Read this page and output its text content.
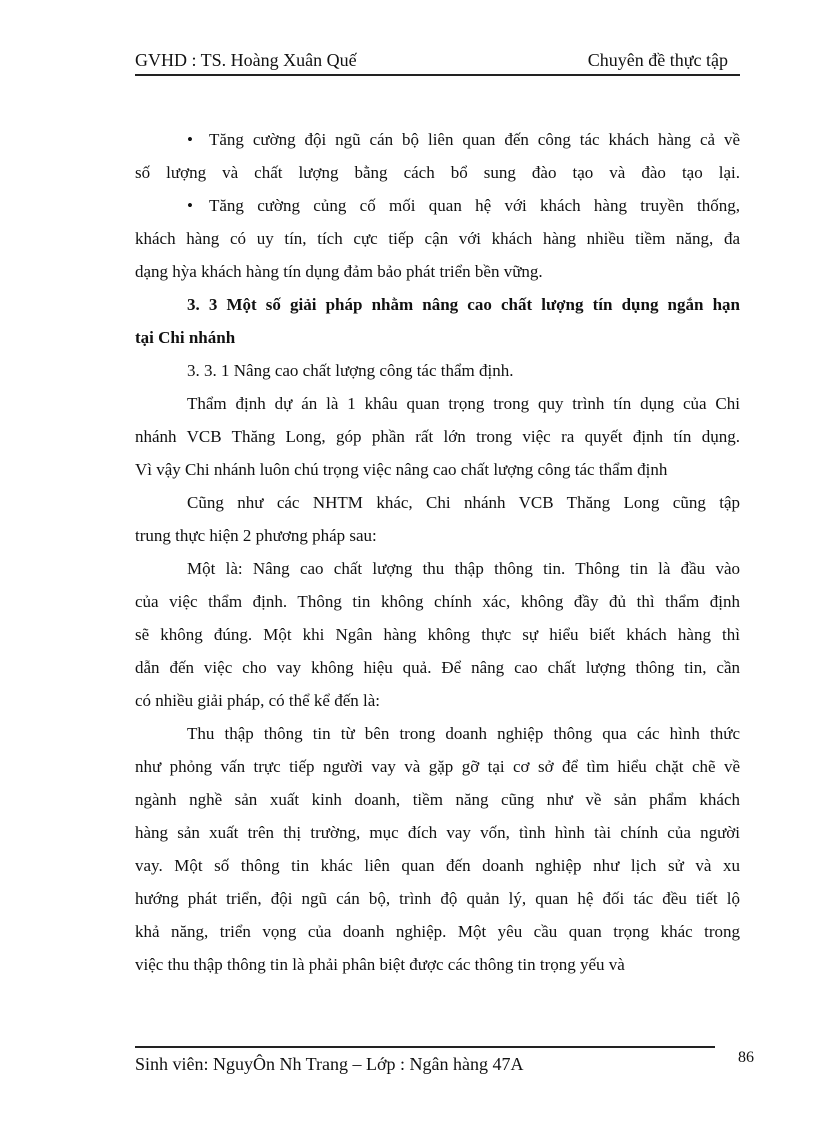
GVHD : TS. Hoàng Xuân Quế	Chuyên đề thực tập
• Tăng cường đội ngũ cán bộ liên quan đến công tác khách hàng cả về
số lượng và chất lượng bằng cách bổ sung đào tạo và đào tạo lại.
• Tăng cường củng cố mối quan hệ với khách hàng truyền thống,
khách hàng có uy tín, tích cực tiếp cận với khách hàng nhiều tiềm năng, đa
dạng hỳa khách hàng tín dụng đảm bảo phát triển bền vững.
3. 3 Một số giải pháp nhằm nâng cao chất lượng tín dụng ngắn hạn
tại Chi nhánh
3. 3. 1 Nâng cao chất lượng công tác thẩm định.
Thẩm định dự án là 1 khâu quan trọng trong quy trình tín dụng của Chi
nhánh VCB Thăng Long, góp phần rất lớn trong việc ra quyết định tín dụng.
Vì vậy Chi nhánh luôn chú trọng việc nâng cao chất lượng công tác thẩm định
Cũng như các NHTM khác, Chi nhánh VCB Thăng Long cũng tập
trung thực hiện 2 phương pháp sau:
Một là: Nâng cao chất lượng thu thập thông tin. Thông tin là đầu vào
của việc thẩm định. Thông tin không chính xác, không đầy đủ thì thẩm định
sẽ không đúng. Một khi Ngân hàng không thực sự hiểu biết khách hàng thì
dẫn đến việc cho vay không hiệu quả. Để nâng cao chất lượng thông tin, cần
có nhiều giải pháp, có thể kể đến là:
Thu thập thông tin từ bên trong doanh nghiệp thông qua các hình thức
như phỏng vấn trực tiếp người vay và gặp gỡ tại cơ sở để tìm hiểu chặt chẽ về
ngành nghề sản xuất kinh doanh, tiềm năng cũng như về sản phẩm khách
hàng sản xuất trên thị trường, mục đích vay vốn, tình hình tài chính của người
vay. Một số thông tin khác liên quan đến doanh nghiệp như lịch sử và xu
hướng phát triển, đội ngũ cán bộ, trình độ quản lý, quan hệ đối tác đều tiết lộ
khả năng, triển vọng của doanh nghiệp. Một yêu cầu quan trọng khác trong
việc thu thập thông tin là phải phân biệt được các thông tin trọng yếu và
Sinh viên: NguyÔn Nh Trang – Lớp : Ngân hàng 47A	86
